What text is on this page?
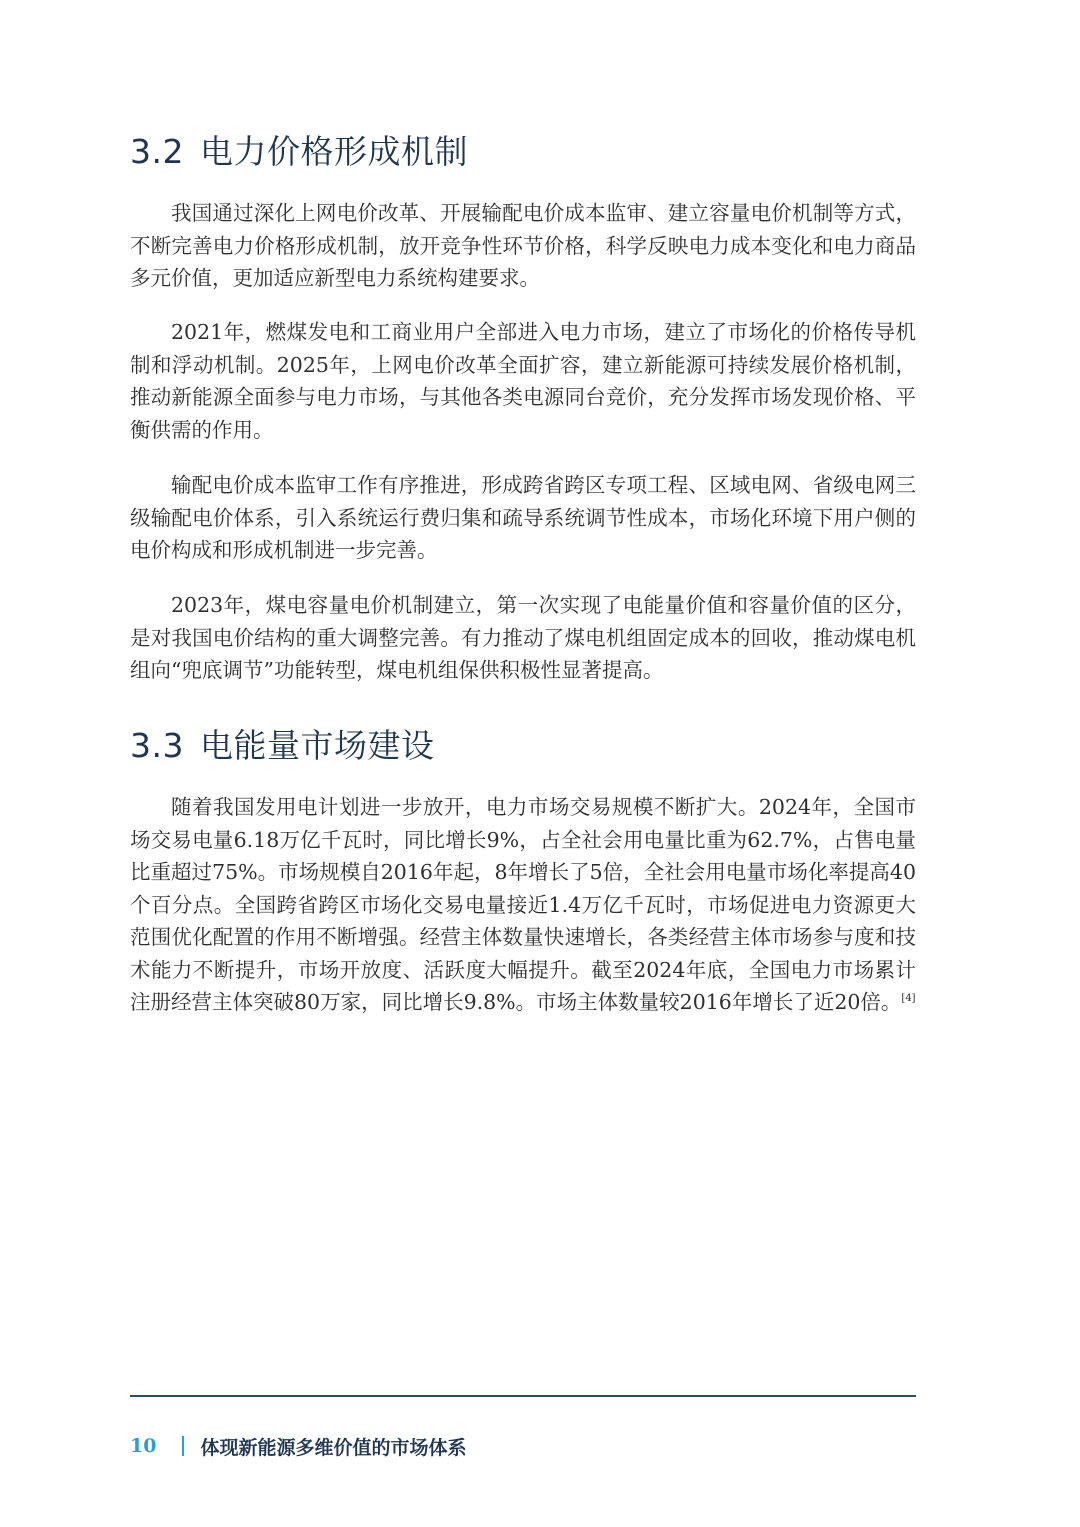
3.2 电力价格形成机制

我国通过深化上网电价改革、开展输配电价成本监审、建立容量电价机制等方式，不断完善电力价格形成机制，放开竞争性环节价格，科学反映电力成本变化和电力商品多元价值，更加适应新型电力系统构建要求。

2021年，燃煤发电和工商业用户全部进入电力市场，建立了市场化的价格传导机制和浮动机制。2025年，上网电价改革全面扩容，建立新能源可持续发展价格机制，推动新能源全面参与电力市场，与其他各类电源同台竞价，充分发挥市场发现价格、平衡供需的作用。

输配电价成本监审工作有序推进，形成跨省跨区专项工程、区域电网、省级电网三级输配电价体系，引入系统运行费归集和疏导系统调节性成本，市场化环境下用户侧的电价构成和形成机制进一步完善。

2023年，煤电容量电价机制建立，第一次实现了电能量价值和容量价值的区分，是对我国电价结构的重大调整完善。有力推动了煤电机组固定成本的回收，推动煤电机组向“兜底调节”功能转型，煤电机组保供积极性显著提高。

3.3 电能量市场建设

随着我国发用电计划进一步放开，电力市场交易规模不断扩大。2024年，全国市场交易电量6.18万亿千瓦时，同比增长9%，占全社会用电量比重为62.7%，占售电量比重超过75%。市场规模自2016年起，8年增长了5倍，全社会用电量市场化率提高40个百分点。全国跨省跨区市场化交易电量接近1.4万亿千瓦时，市场促进电力资源更大范围优化配置的作用不断增强。经营主体数量快速增长，各类经营主体市场参与度和技术能力不断提升，市场开放度、活跃度大幅提升。截至2024年底，全国电力市场累计注册经营主体突破80万家，同比增长9.8%。市场主体数量较2016年增长了近20倍。[4]

10 体现新能源多维价值的市场体系
